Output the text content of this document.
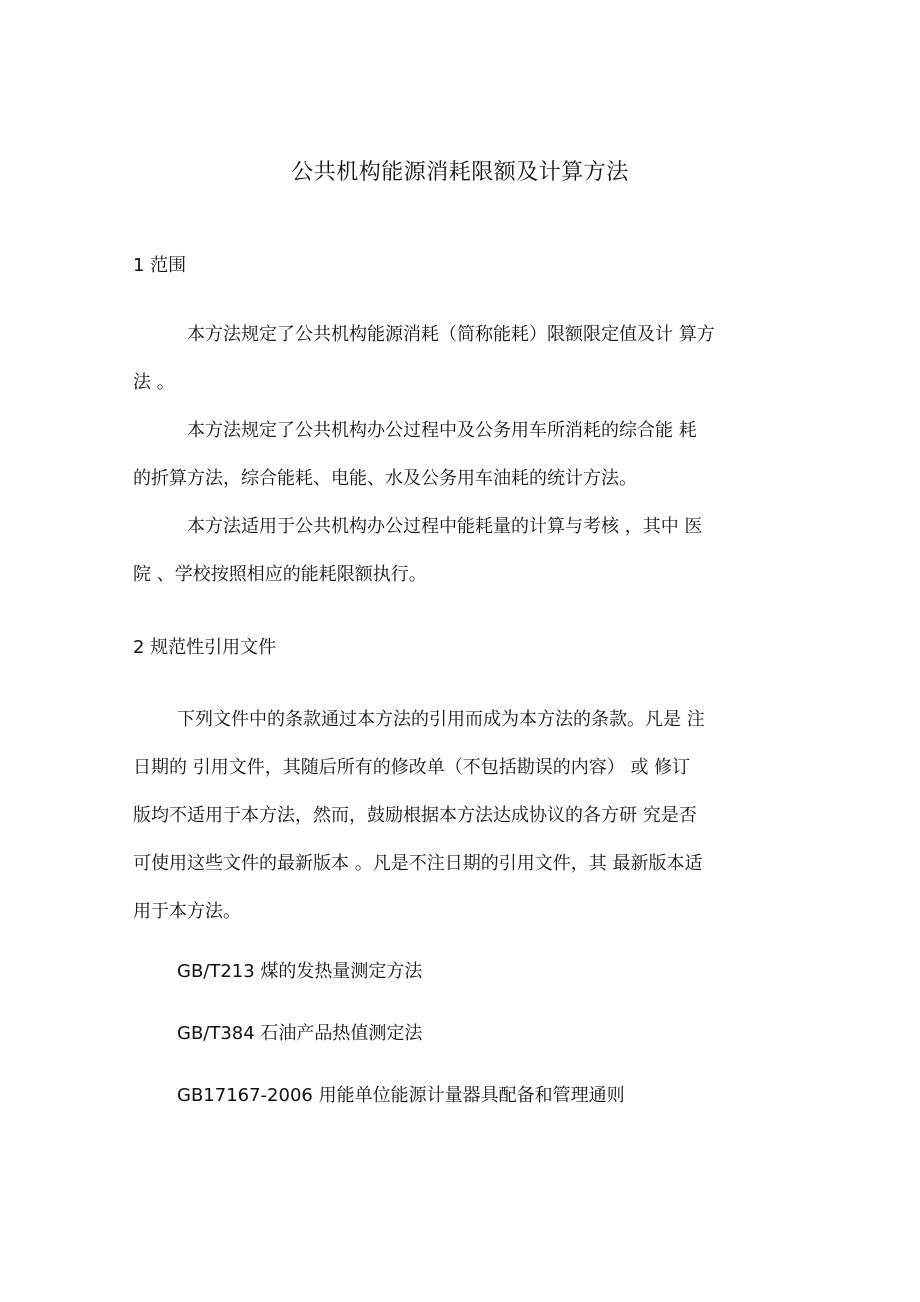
公共机构能源消耗限额及计算方法
1 范围
本方法规定了公共机构能源消耗（简称能耗）限额限定值及计 算方
法 。
本方法规定了公共机构办公过程中及公务用车所消耗的综合能 耗
的折算方法，综合能耗、电能、水及公务用车油耗的统计方法。
本方法适用于公共机构办公过程中能耗量的计算与考核 ，其中 医
院 、学校按照相应的能耗限额执行。
2 规范性引用文件
下列文件中的条款通过本方法的引用而成为本方法的条款。凡是 注
日期的 引用文件，其随后所有的修改单（不包括勘误的内容） 或 修订
版均不适用于本方法，然而，鼓励根据本方法达成协议的各方研 究是否
可使用这些文件的最新版本 。凡是不注日期的引用文件，其 最新版本适
用于本方法。
GB/T213 煤的发热量测定方法
GB/T384 石油产品热值测定法
GB17167-2006 用能单位能源计量器具配备和管理通则
